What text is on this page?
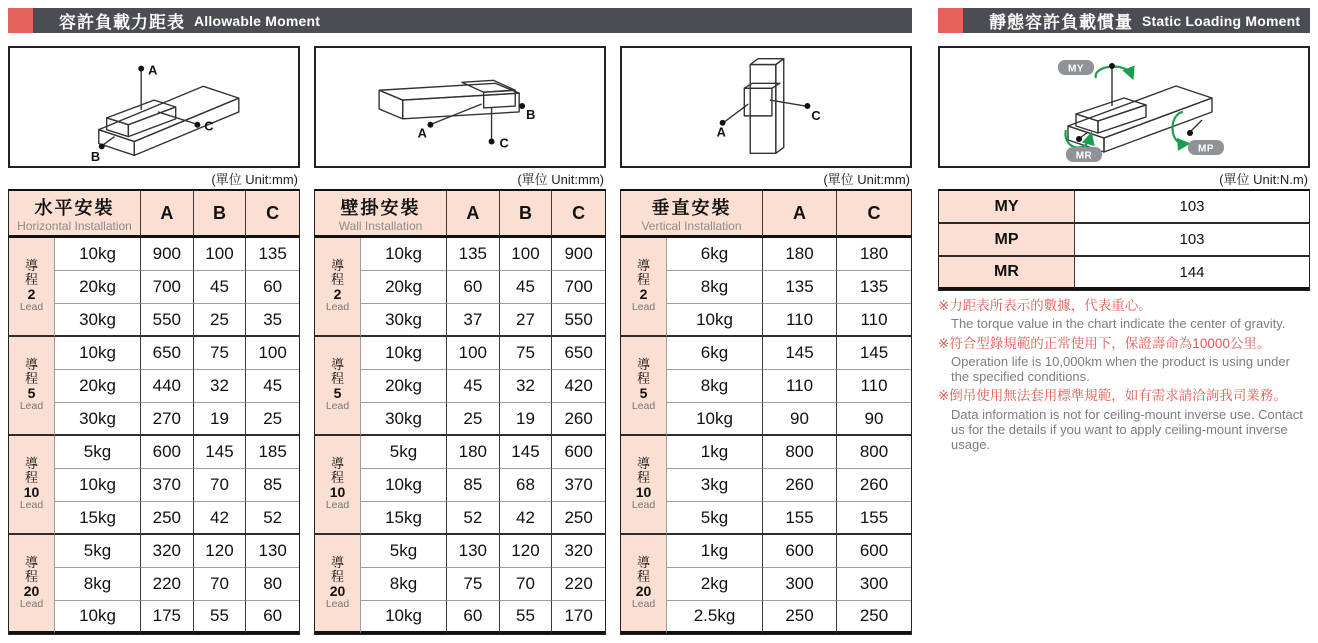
容許負載力距表 Allowable Moment
A
C
B
(單位 Unit:mm)
水平安裝
Horizontal Installation
A	B	C
導
程
2
Lead
10kg	900	100	135
20kg	700	45	60
30kg	550	25	35
導
程
5
Lead
10kg	650	75	100
20kg	440	32	45
30kg	270	19	25
導
程
10
Lead
5kg	600	145	185
10kg	370	70	85
15kg	250	42	52
導
程
20
Lead
5kg	320	120	130
8kg	220	70	80
10kg	175	55	60
A
B
C
(單位 Unit:mm)
壁掛安裝
Wall Installation
A	B	C
導
程
2
Lead
10kg	135	100	900
20kg	60	45	700
30kg	37	27	550
導
程
5
Lead
10kg	100	75	650
20kg	45	32	420
30kg	25	19	260
導
程
10
Lead
5kg	180	145	600
10kg	85	68	370
15kg	52	42	250
導
程
20
Lead
5kg	130	120	320
8kg	75	70	220
10kg	60	55	170
A
C
(單位 Unit:mm)
垂直安裝
Vertical Installation
A	C
導
程
2
Lead
6kg	180	180
8kg	135	135
10kg	110	110
導
程
5
Lead
6kg	145	145
8kg	110	110
10kg	90	90
導
程
10
Lead
1kg	800	800
3kg	260	260
5kg	155	155
導
程
20
Lead
1kg	600	600
2kg	300	300
2.5kg	250	250
靜態容許負載慣量 Static Loading Moment
MY
MP
MR
(單位 Unit:N.m)
MY	103
MP	103
MR	144
※力距表所表示的數據，代表重心。
The torque value in the chart indicate the center of gravity.
※符合型錄規範的正常使用下，保證壽命為10000公里。
Operation life is 10,000km when the product is using under the specified conditions.
※倒吊使用無法套用標準規範，如有需求請洽詢我司業務。
Data information is not for ceiling-mount inverse use. Contact us for the details if you want to apply ceiling-mount inverse usage.
